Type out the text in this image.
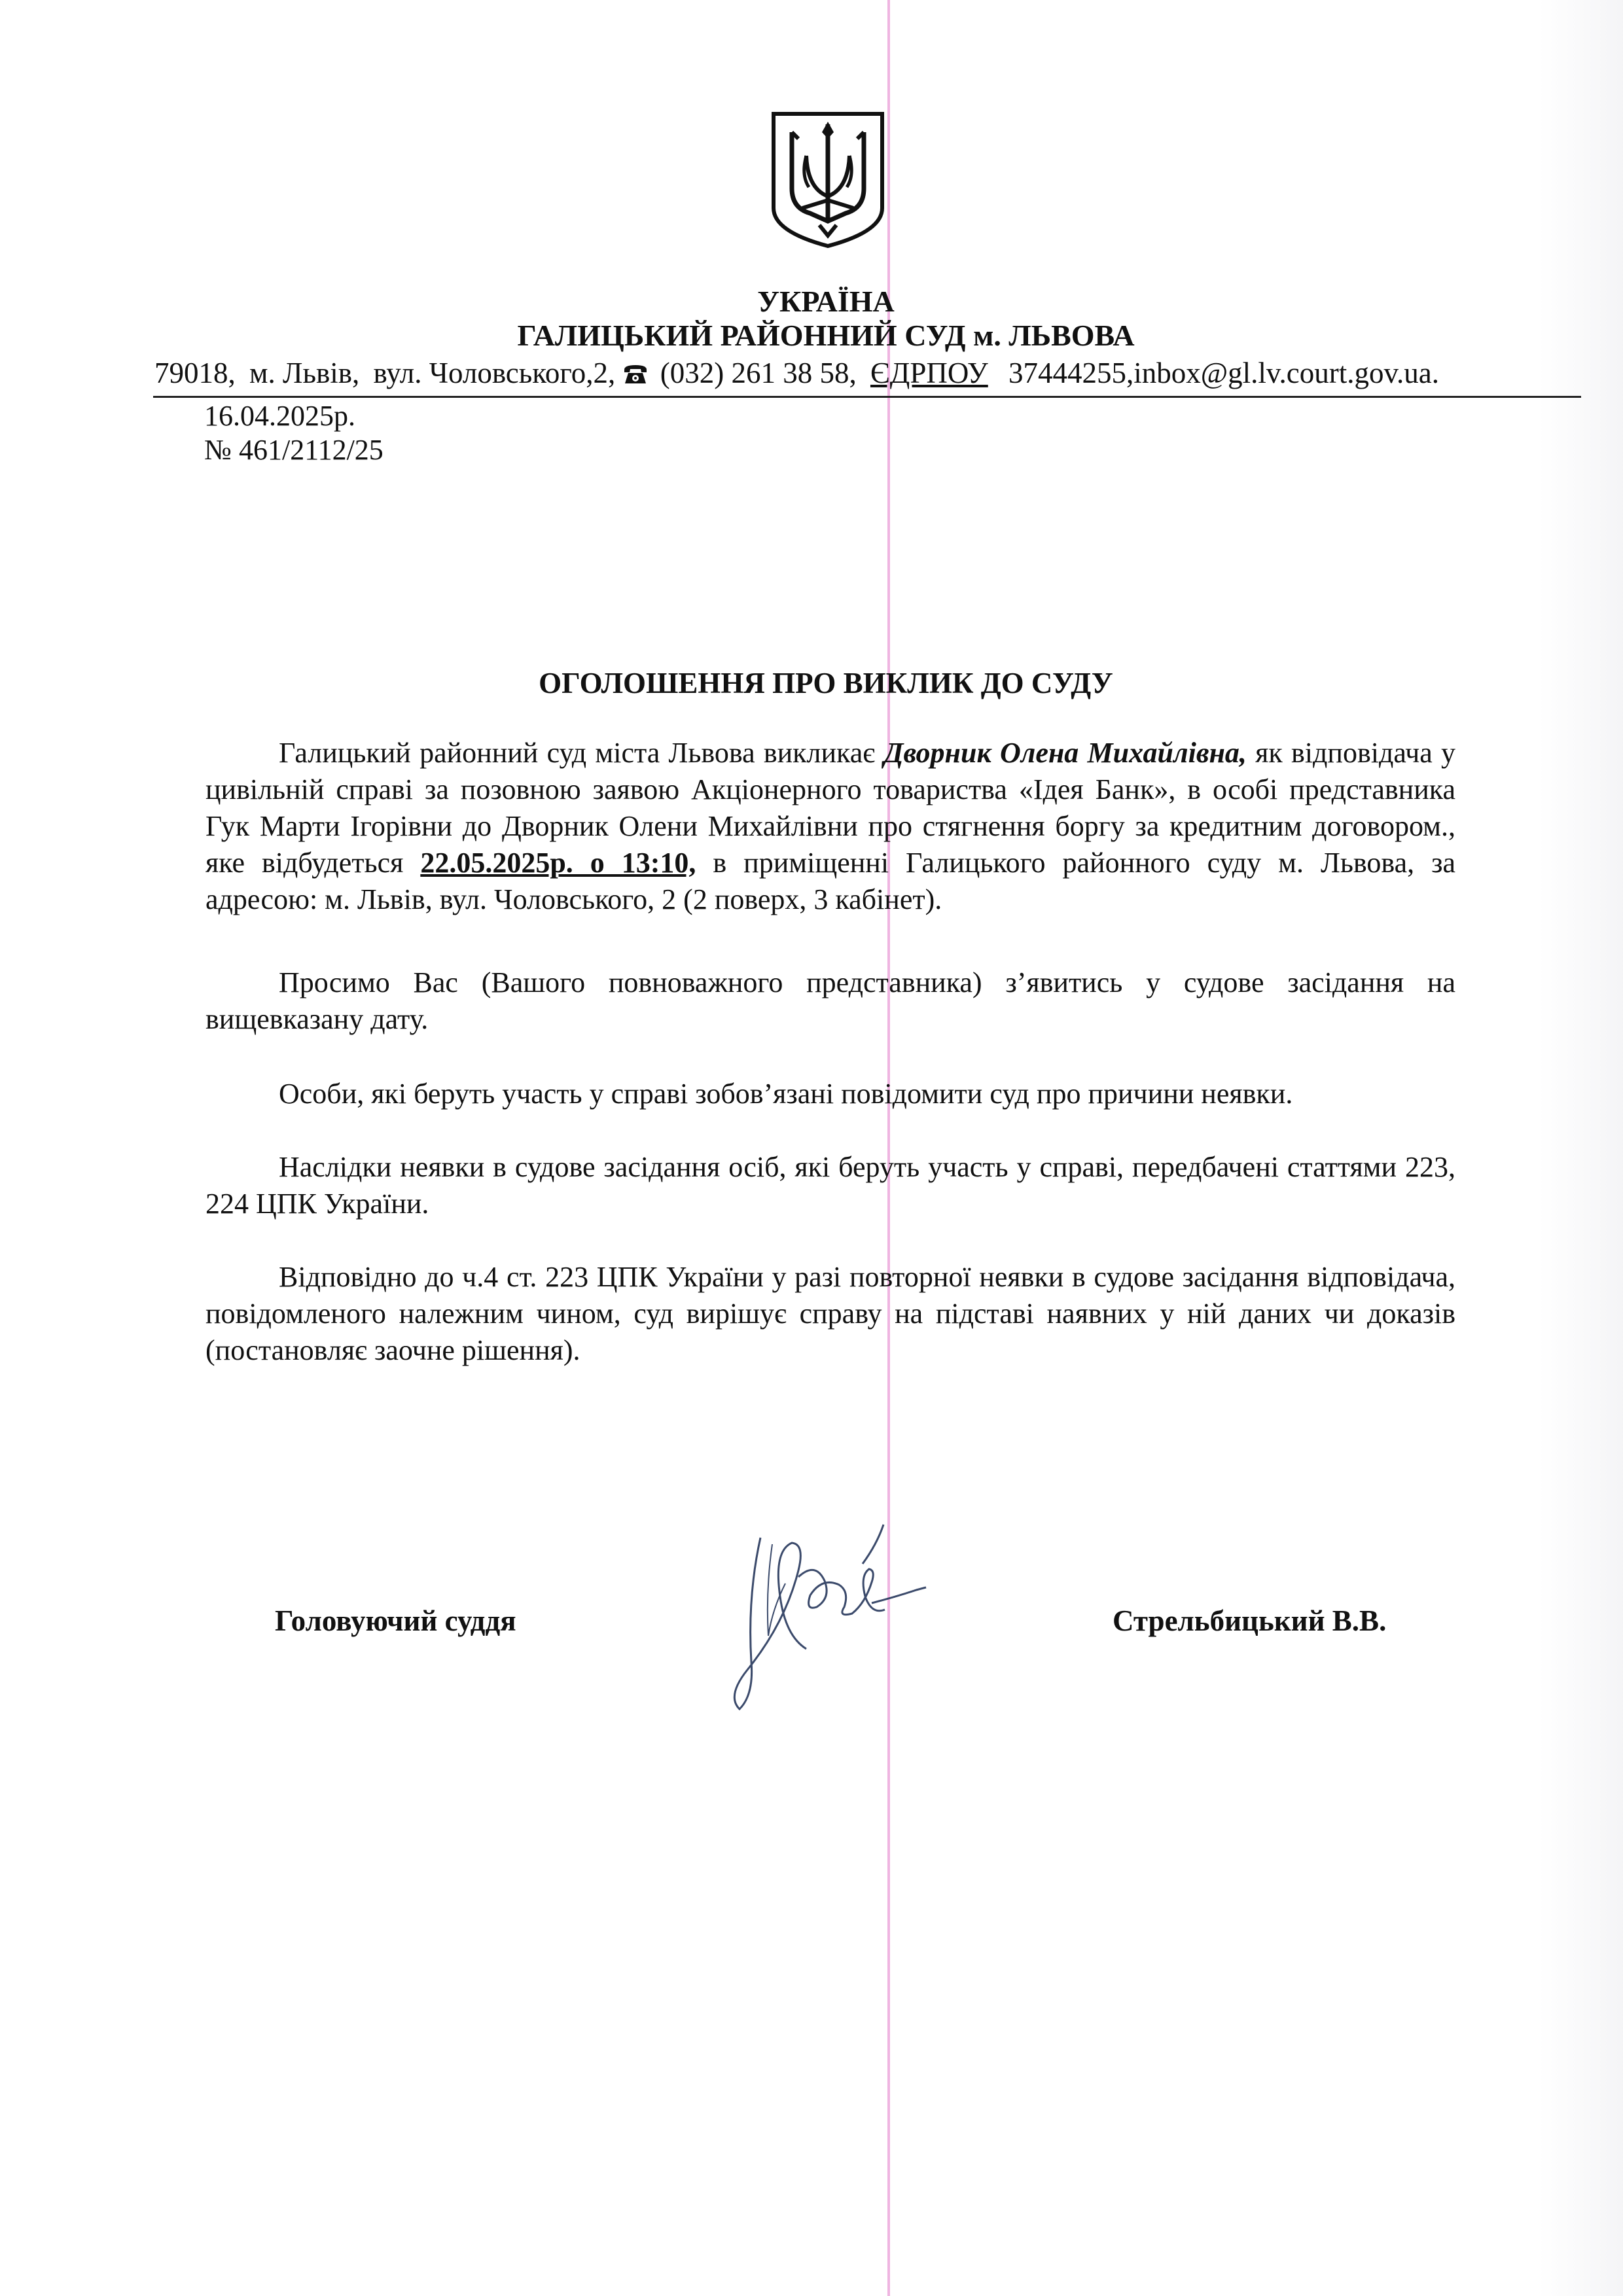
УКРАЇНА
ГАЛИЦЬКИЙ РАЙОННИЙ СУД м. ЛЬВОВА
79018, м. Львів, вул. Чоловського,2, (032) 261 38 58, ЄДРПОУ 37444255,inbox@gl.lv.court.gov.ua.
16.04.2025р.
№ 461/2112/25
ОГОЛОШЕННЯ ПРО ВИКЛИК ДО СУДУ
Галицький районний суд міста Львова викликає Дворник Олена Михайлівна, як відповідача у цивільній справі за позовною заявою Акціонерного товариства «Ідея Банк», в особі представника Гук Марти Ігорівни до Дворник Олени Михайлівни про стягнення боргу за кредитним договором., яке відбудеться 22.05.2025р. о 13:10, в приміщенні Галицького районного суду м. Львова, за адресою: м. Львів, вул. Чоловського, 2 (2 поверх, 3 кабінет).
Просимо Вас (Вашого повноважного представника) з’явитись у судове засідання на вищевказану дату.
Особи, які беруть участь у справі зобов’язані повідомити суд про причини неявки.
Наслідки неявки в судове засідання осіб, які беруть участь у справі, передбачені статтями 223, 224 ЦПК України.
Відповідно до ч.4 ст. 223 ЦПК України у разі повторної неявки в судове засідання відповідача, повідомленого належним чином, суд вирішує справу на підставі наявних у ній даних чи доказів (постановляє заочне рішення).
Головуючий суддя	Стрельбицький В.В.
